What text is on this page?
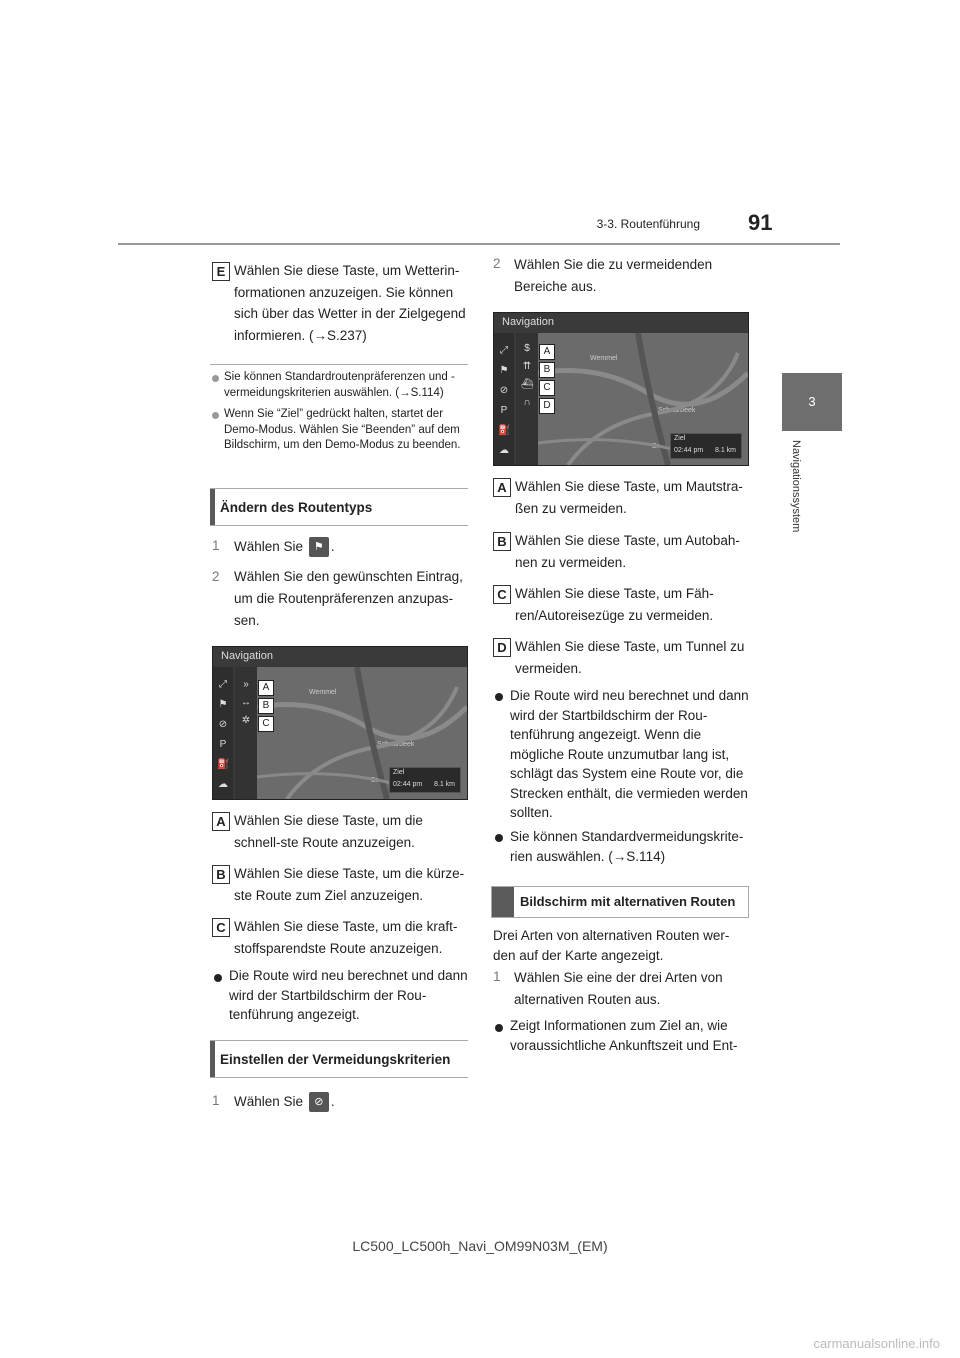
3-3. Routenführung 91
3
Navigationssystem
E Wählen Sie diese Taste, um Wetterin-formationen anzuzeigen. Sie können sich über das Wetter in der Zielgegend informieren. (→S.237)
Sie können Standardroutenpräferenzen und -vermeidungskriterien auswählen. (→S.114)
Wenn Sie “Ziel” gedrückt halten, startet der Demo-Modus. Wählen Sie “Beenden” auf dem Bildschirm, um den Demo-Modus zu beenden.
Ändern des Routentyps
1 Wählen Sie ⚑ .
2 Wählen Sie den gewünschten Eintrag, um die Routenpräferenzen anzupas-sen.
Navigation
⤢
⚑
⊘
P
⛽
☁
»
↔
✲
Wemmel
Schaarbeek
Brus
A
B
C
Ziel
02:44 pm 8.1 km
A Wählen Sie diese Taste, um die schnell-ste Route anzuzeigen.
B Wählen Sie diese Taste, um die kürze-ste Route zum Ziel anzuzeigen.
C Wählen Sie diese Taste, um die kraft-stoffsparendste Route anzuzeigen.
Die Route wird neu berechnet und dann wird der Startbildschirm der Rou-tenführung angezeigt.
Einstellen der Vermeidungskriterien
1 Wählen Sie ⊘ .
2 Wählen Sie die zu vermeidenden Bereiche aus.
Navigation
⤢
⚑
⊘
P
⛽
☁
$
⇈
⛴
∩
Wemmel
Schaarbeek
Brus
A
B
C
D
Ziel
02:44 pm 8.1 km
A Wählen Sie diese Taste, um Mautstra-ßen zu vermeiden.
B Wählen Sie diese Taste, um Autobah-nen zu vermeiden.
C Wählen Sie diese Taste, um Fäh-ren/Autoreisezüge zu vermeiden.
D Wählen Sie diese Taste, um Tunnel zu vermeiden.
Die Route wird neu berechnet und dann wird der Startbildschirm der Rou-tenführung angezeigt. Wenn die mögliche Route unzumutbar lang ist, schlägt das System eine Route vor, die Strecken enthält, die vermieden werden sollten.
Sie können Standardvermeidungskrite-rien auswählen. (→S.114)
Bildschirm mit alternativen Routen
Drei Arten von alternativen Routen wer-den auf der Karte angezeigt.
1 Wählen Sie eine der drei Arten von alternativen Routen aus.
Zeigt Informationen zum Ziel an, wie voraussichtliche Ankunftszeit und Ent-
LC500_LC500h_Navi_OM99N03M_(EM)
carmanualsonline.info
